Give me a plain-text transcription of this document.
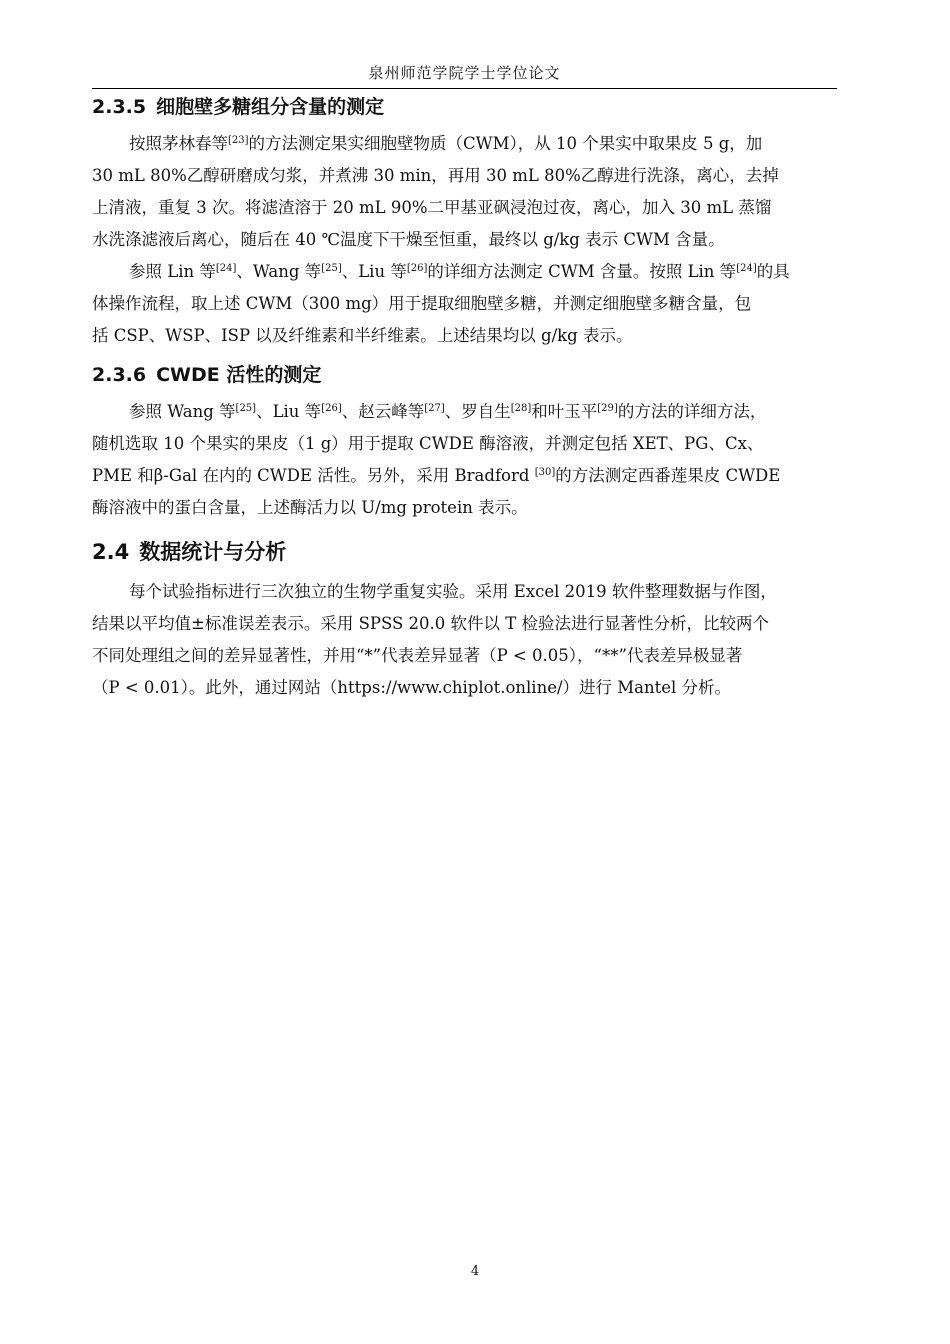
泉州师范学院学士学位论文
2.3.5 细胞壁多糖组分含量的测定
按照茅林春等[23]的方法测定果实细胞壁物质（CWM），从 10 个果实中取果皮 5 g，加
30 mL 80%乙醇研磨成匀浆，并煮沸 30 min，再用 30 mL 80%乙醇进行洗涤，离心，去掉
上清液，重复 3 次。将滤渣溶于 20 mL 90%二甲基亚砜浸泡过夜，离心，加入 30 mL 蒸馏
水洗涤滤液后离心，随后在 40 ℃温度下干燥至恒重，最终以 g/kg 表示 CWM 含量。
参照 Lin 等[24]、Wang 等[25]、Liu 等[26]的详细方法测定 CWM 含量。按照 Lin 等[24]的具
体操作流程，取上述 CWM（300 mg）用于提取细胞壁多糖，并测定细胞壁多糖含量，包
括 CSP、WSP、ISP 以及纤维素和半纤维素。上述结果均以 g/kg 表示。
2.3.6 CWDE 活性的测定
参照 Wang 等[25]、Liu 等[26]、赵云峰等[27]、罗自生[28]和叶玉平[29]的方法的详细方法，
随机选取 10 个果实的果皮（1 g）用于提取 CWDE 酶溶液，并测定包括 XET、PG、Cx、
PME 和β-Gal 在内的 CWDE 活性。另外，采用 Bradford [30]的方法测定西番莲果皮 CWDE
酶溶液中的蛋白含量，上述酶活力以 U/mg protein 表示。
2.4 数据统计与分析
每个试验指标进行三次独立的生物学重复实验。采用 Excel 2019 软件整理数据与作图，
结果以平均值±标准误差表示。采用 SPSS 20.0 软件以 T 检验法进行显著性分析，比较两个
不同处理组之间的差异显著性，并用“*”代表差异显著（P < 0.05），“**”代表差异极显著
（P < 0.01）。此外，通过网站（https://www.chiplot.online/）进行 Mantel 分析。
4
